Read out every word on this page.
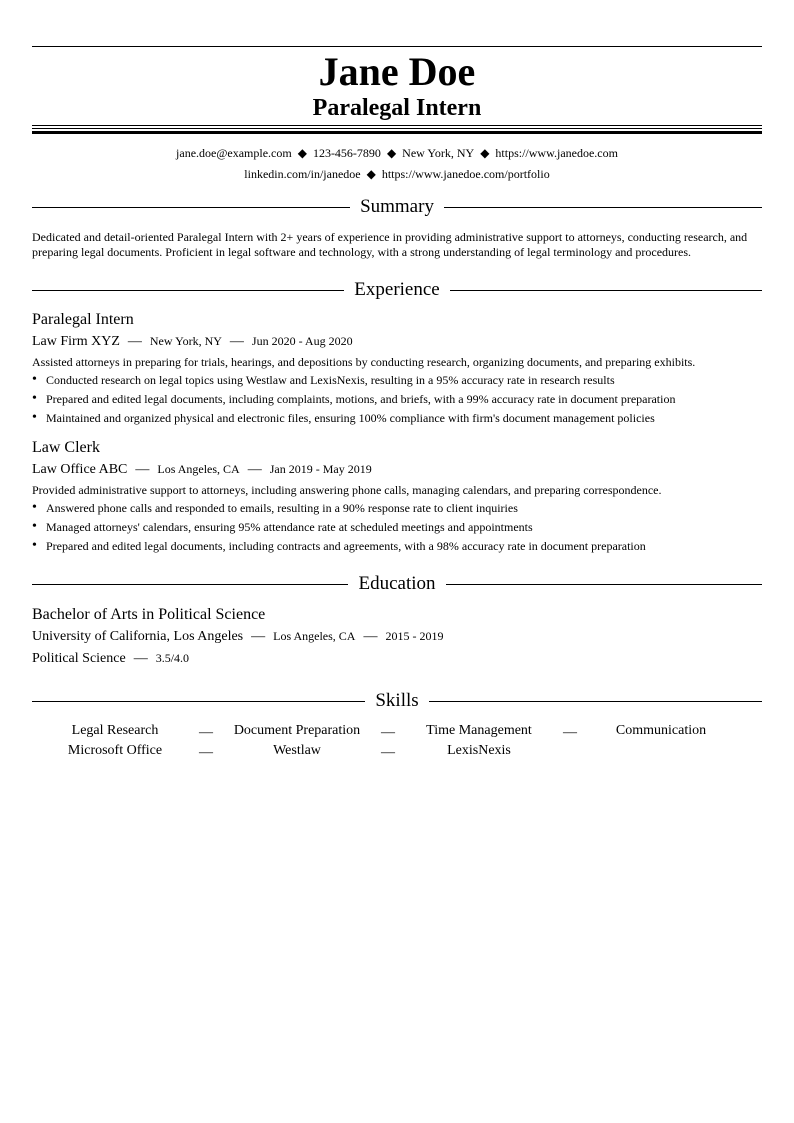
Jane Doe
Paralegal Intern
jane.doe@example.com ◆ 123-456-7890 ◆ New York, NY ◆ https://www.janedoe.com
linkedin.com/in/janedoe ◆ https://www.janedoe.com/portfolio
Summary
Dedicated and detail-oriented Paralegal Intern with 2+ years of experience in providing administrative support to attorneys, conducting research, and preparing legal documents. Proficient in legal software and technology, with a strong understanding of legal terminology and procedures.
Experience
Paralegal Intern
Law Firm XYZ — New York, NY — Jun 2020 - Aug 2020
Assisted attorneys in preparing for trials, hearings, and depositions by conducting research, organizing documents, and preparing exhibits.
• Conducted research on legal topics using Westlaw and LexisNexis, resulting in a 95% accuracy rate in research results
• Prepared and edited legal documents, including complaints, motions, and briefs, with a 99% accuracy rate in document preparation
• Maintained and organized physical and electronic files, ensuring 100% compliance with firm's document management policies
Law Clerk
Law Office ABC — Los Angeles, CA — Jan 2019 - May 2019
Provided administrative support to attorneys, including answering phone calls, managing calendars, and preparing correspondence.
• Answered phone calls and responded to emails, resulting in a 90% response rate to client inquiries
• Managed attorneys' calendars, ensuring 95% attendance rate at scheduled meetings and appointments
• Prepared and edited legal documents, including contracts and agreements, with a 98% accuracy rate in document preparation
Education
Bachelor of Arts in Political Science
University of California, Los Angeles — Los Angeles, CA — 2015 - 2019
Political Science — 3.5/4.0
Skills
Legal Research	—	Document Preparation	—	Time Management	—	Communication
Microsoft Office	—	Westlaw	—	LexisNexis
